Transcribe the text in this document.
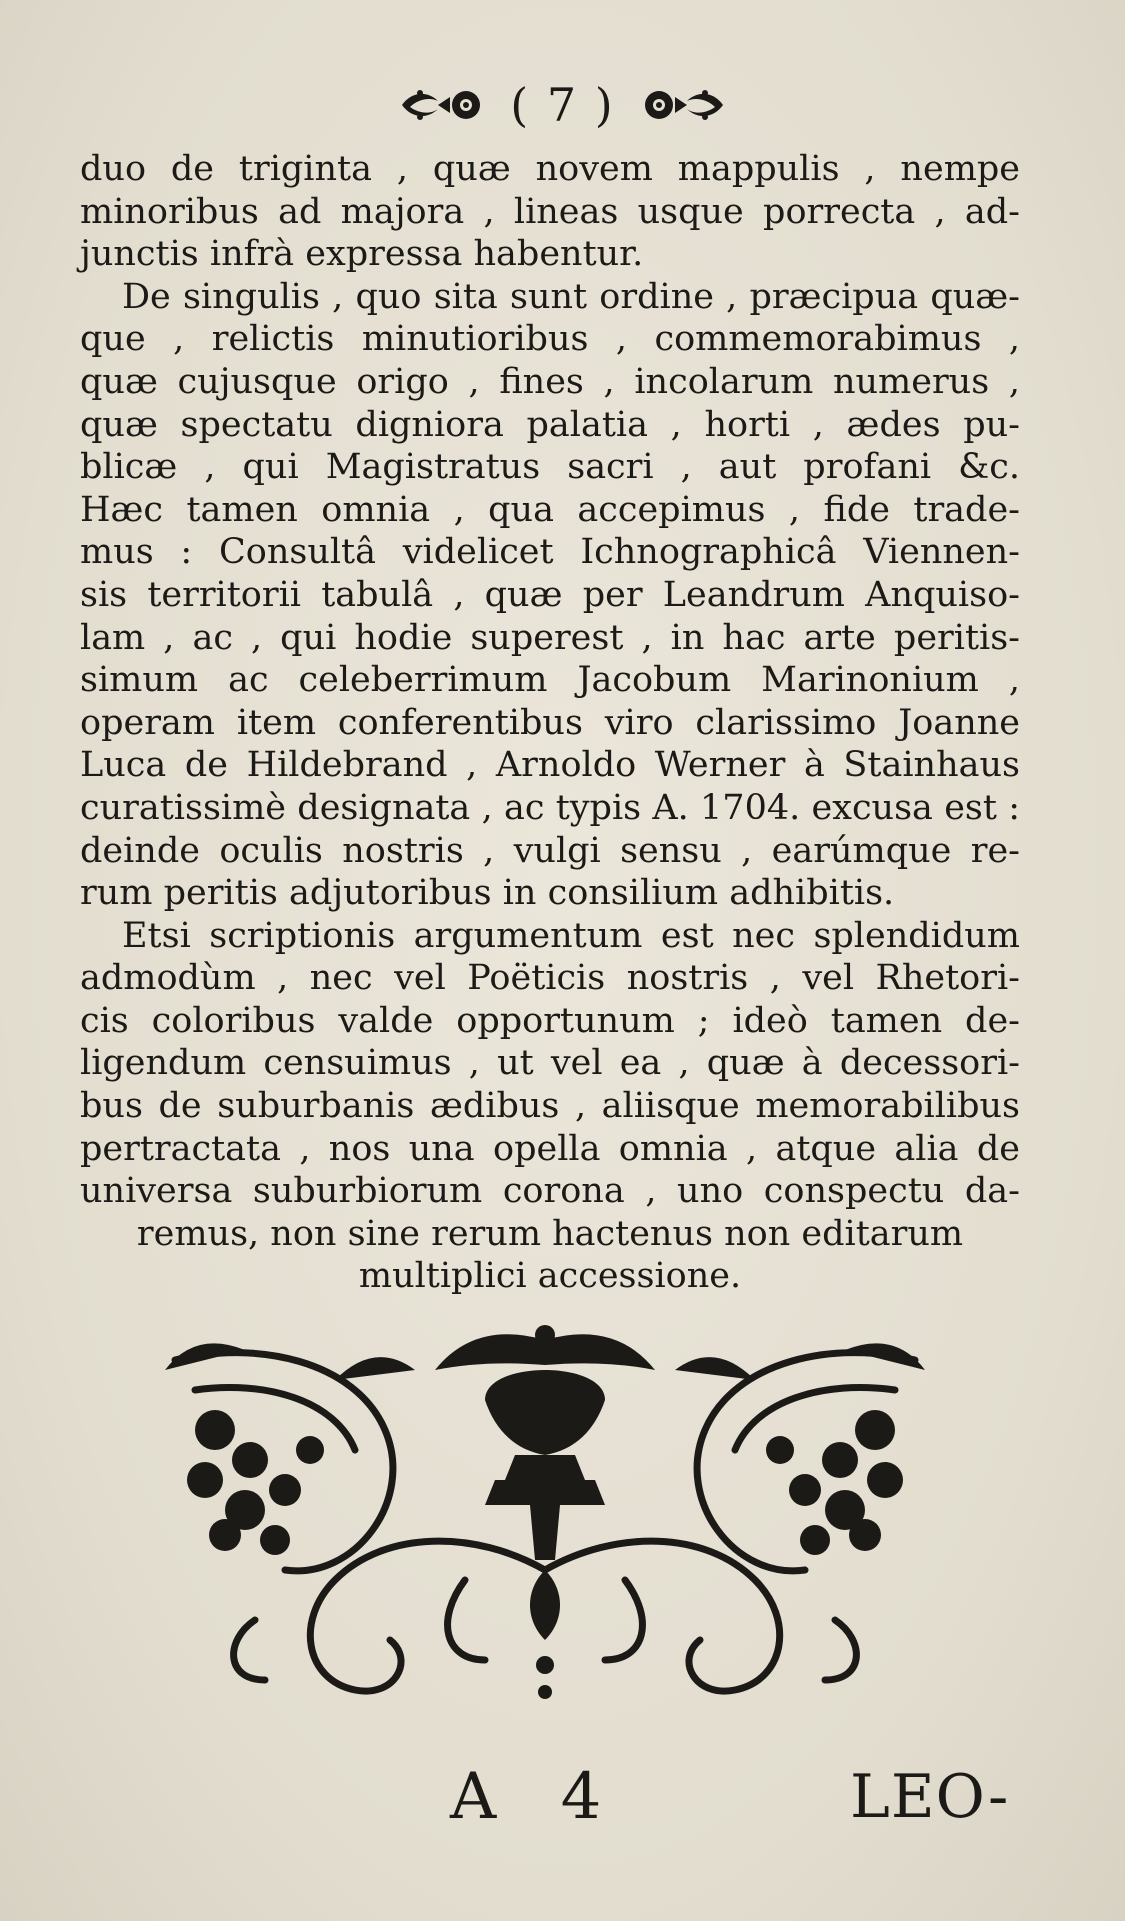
( 7 )
duo de triginta , quæ novem mappulis , nempe
minoribus ad majora , lineas usque porrecta , ad-
junctis infrà expressa habentur.
De singulis , quo sita sunt ordine , præcipua quæ-
que , relictis minutioribus , commemorabimus ,
quæ cujusque origo , fines , incolarum numerus ,
quæ spectatu digniora palatia , horti , ædes pu-
blicæ , qui Magistratus sacri , aut profani &c.
Hæc tamen omnia , qua accepimus , fide trade-
mus : Consultâ videlicet Ichnographicâ Viennen-
sis territorii tabulâ , quæ per Leandrum Anquiso-
lam , ac , qui hodie superest , in hac arte peritis-
simum ac celeberrimum Jacobum Marinonium ,
operam item conferentibus viro clarissimo Joanne
Luca de Hildebrand , Arnoldo Werner à Stainhaus
curatissimè designata , ac typis A. 1704. excusa est :
deinde oculis nostris , vulgi sensu , earúmque re-
rum peritis adjutoribus in consilium adhibitis.
Etsi scriptionis argumentum est nec splendidum
admodùm , nec vel Poëticis nostris , vel Rhetori-
cis coloribus valde opportunum ; ideò tamen de-
ligendum censuimus , ut vel ea , quæ à decessori-
bus de suburbanis ædibus , aliisque memorabilibus
pertractata , nos una opella omnia , atque alia de
universa suburbiorum corona , uno conspectu da-
remus, non sine rerum hactenus non editarum
multiplici accessione.
A 4	LEO-
